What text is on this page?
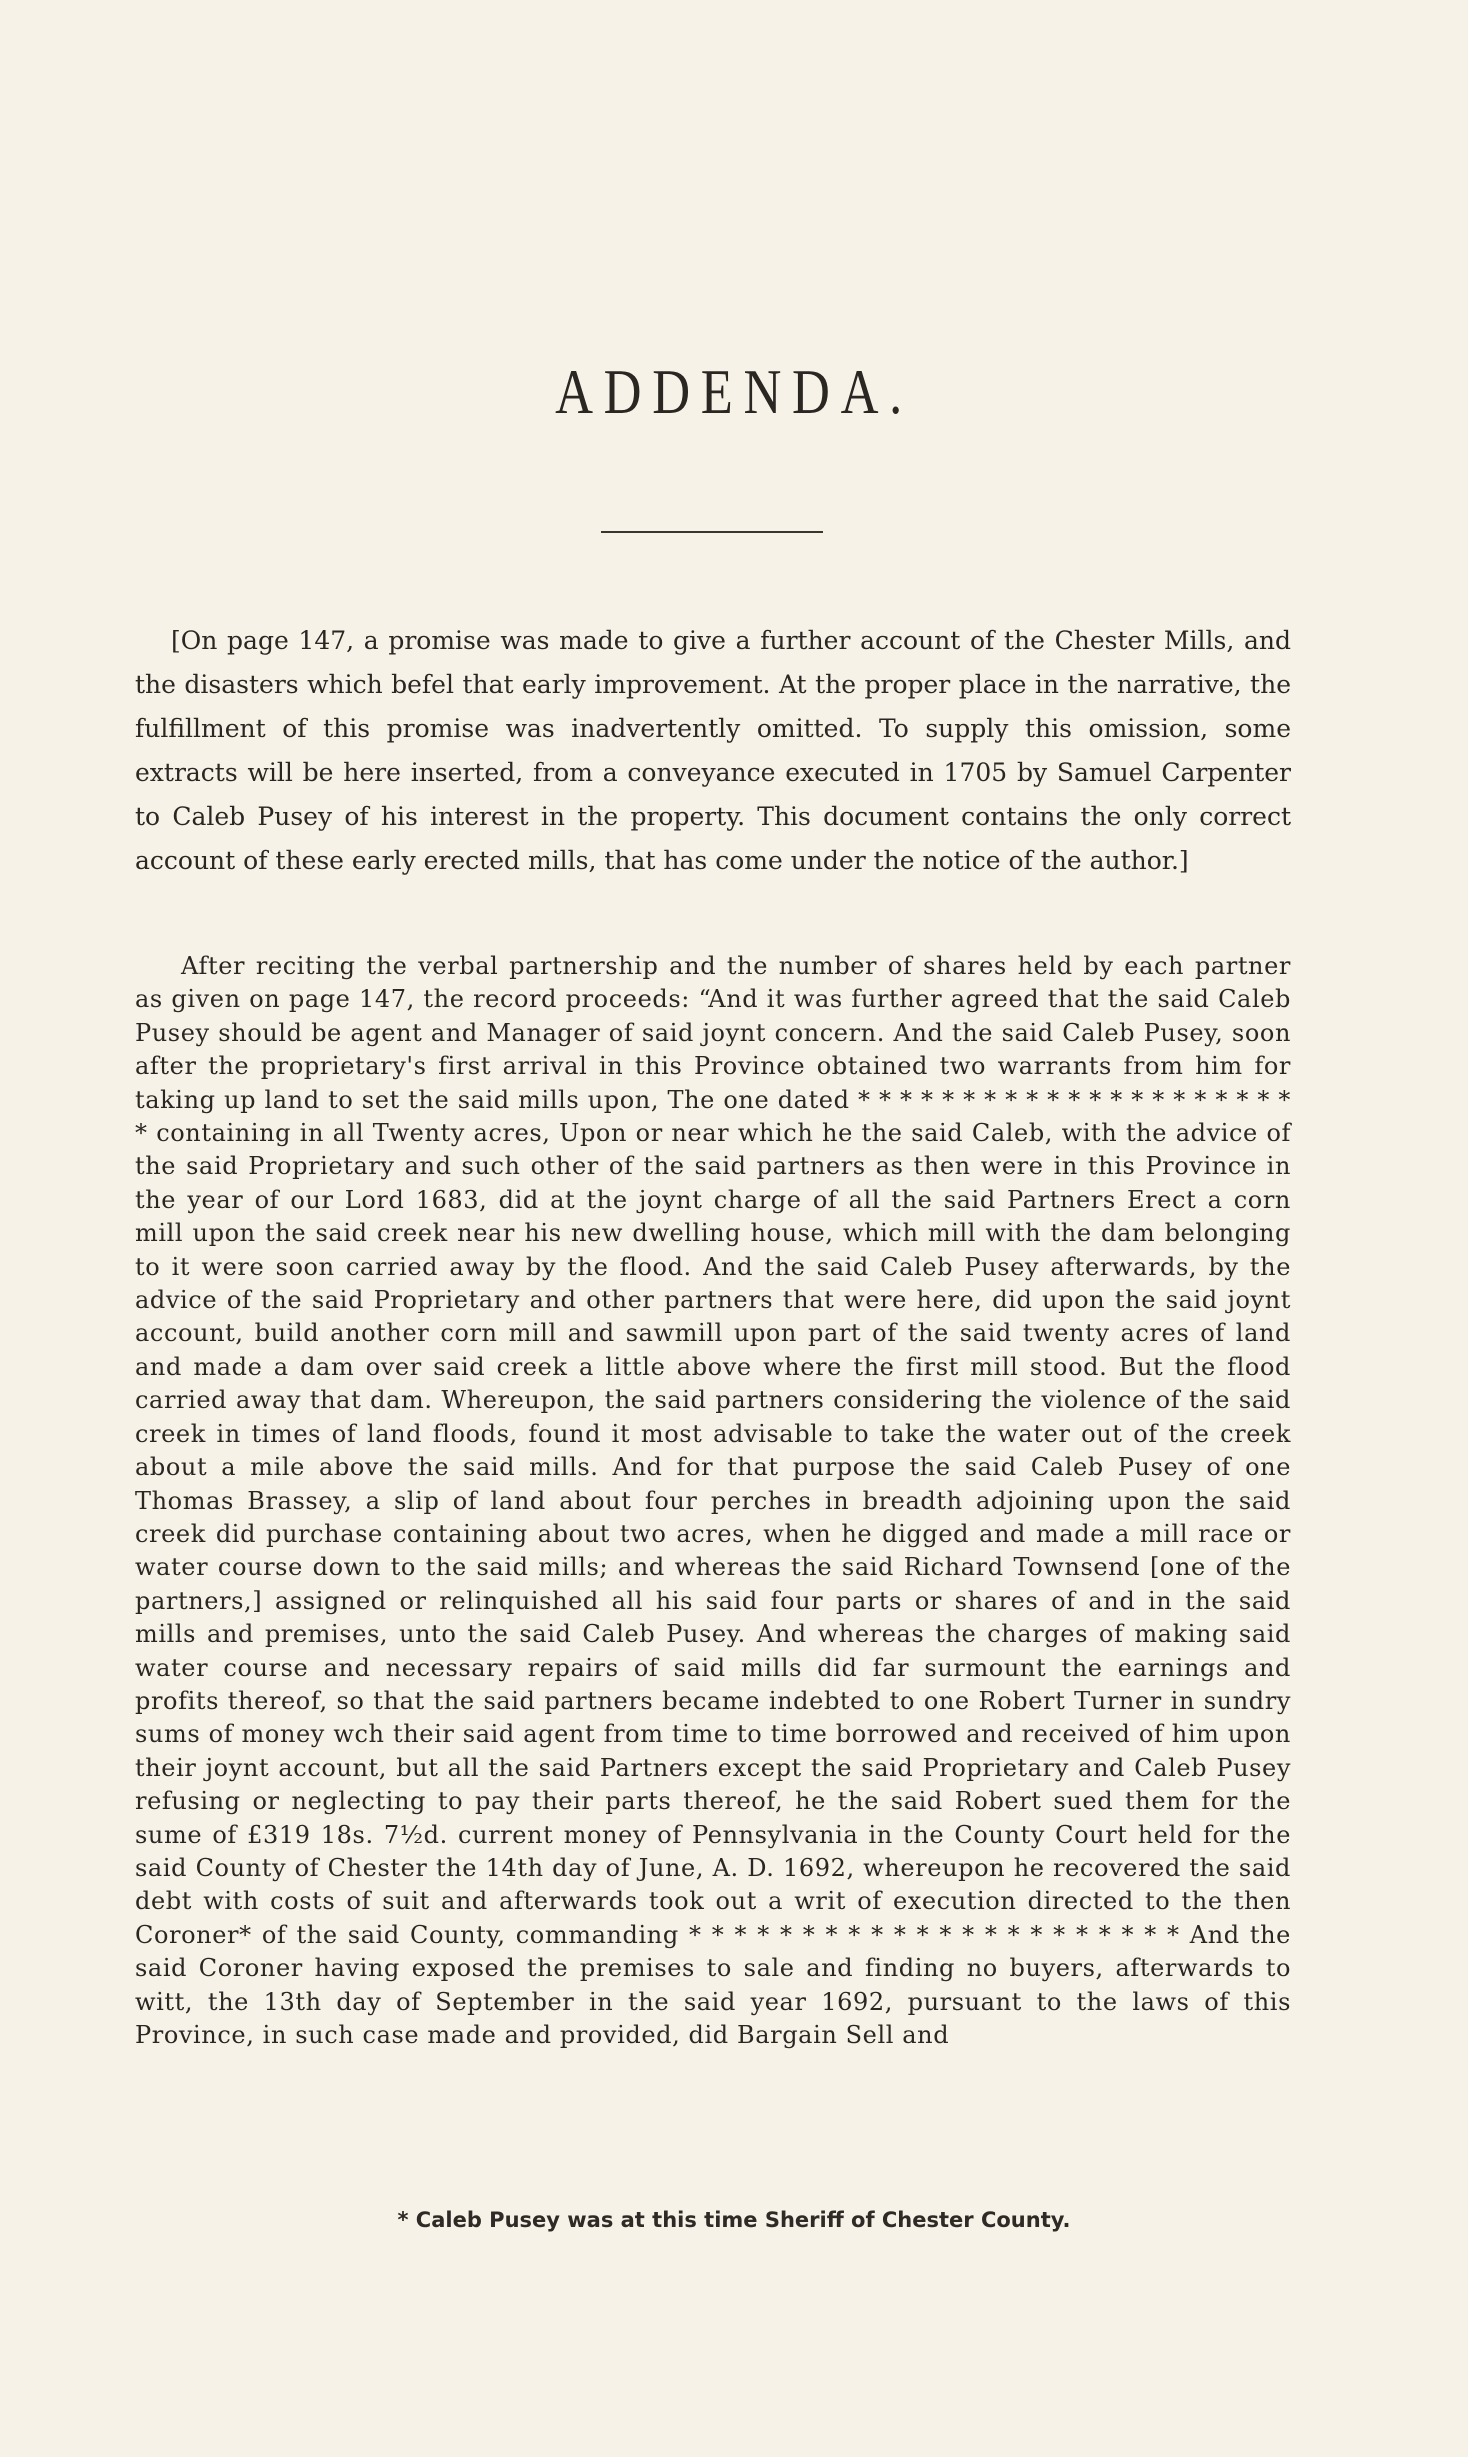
ADDENDA.

[On page 147, a promise was made to give a further account of the Chester Mills, and the disasters which befel that early improvement. At the proper place in the narrative, the fulfillment of this promise was inadvertently omitted. To supply this omission, some extracts will be here inserted, from a conveyance executed in 1705 by Samuel Carpenter to Caleb Pusey of his interest in the property. This document contains the only correct account of these early erected mills, that has come under the notice of the author.]

After reciting the verbal partnership and the number of shares held by each partner as given on page 147, the record proceeds: “And it was further agreed that the said Caleb Pusey should be agent and Manager of said joynt concern. And the said Caleb Pusey, soon after the proprietary's first arrival in this Province obtained two warrants from him for taking up land to set the said mills upon, The one dated * * * * * * * * * * * * * * * * * * * * * * containing in all Twenty acres, Upon or near which he the said Caleb, with the advice of the said Proprietary and such other of the said partners as then were in this Province in the year of our Lord 1683, did at the joynt charge of all the said Partners Erect a corn mill upon the said creek near his new dwelling house, which mill with the dam belonging to it were soon carried away by the flood. And the said Caleb Pusey afterwards, by the advice of the said Proprietary and other partners that were here, did upon the said joynt account, build another corn mill and sawmill upon part of the said twenty acres of land and made a dam over said creek a little above where the first mill stood. But the flood carried away that dam. Whereupon, the said partners considering the violence of the said creek in times of land floods, found it most advisable to take the water out of the creek about a mile above the said mills. And for that purpose the said Caleb Pusey of one Thomas Brassey, a slip of land about four perches in breadth adjoining upon the said creek did purchase containing about two acres, when he digged and made a mill race or water course down to the said mills; and whereas the said Richard Townsend [one of the partners,] assigned or relinquished all his said four parts or shares of and in the said mills and premises, unto the said Caleb Pusey. And whereas the charges of making said water course and necessary repairs of said mills did far surmount the earnings and profits thereof, so that the said partners became indebted to one Robert Turner in sundry sums of money wch their said agent from time to time borrowed and received of him upon their joynt account, but all the said Partners except the said Proprietary and Caleb Pusey refusing or neglecting to pay their parts thereof, he the said Robert sued them for the sume of £319 18s. 7½d. current money of Pennsylvania in the County Court held for the said County of Chester the 14th day of June, A. D. 1692, whereupon he recovered the said debt with costs of suit and afterwards took out a writ of execution directed to the then Coroner* of the said County, commanding * * * * * * * * * * * * * * * * * * * * * * And the said Coroner having exposed the premises to sale and finding no buyers, afterwards to witt, the 13th day of September in the said year 1692, pursuant to the laws of this Province, in such case made and provided, did Bargain Sell and

* Caleb Pusey was at this time Sheriff of Chester County.
